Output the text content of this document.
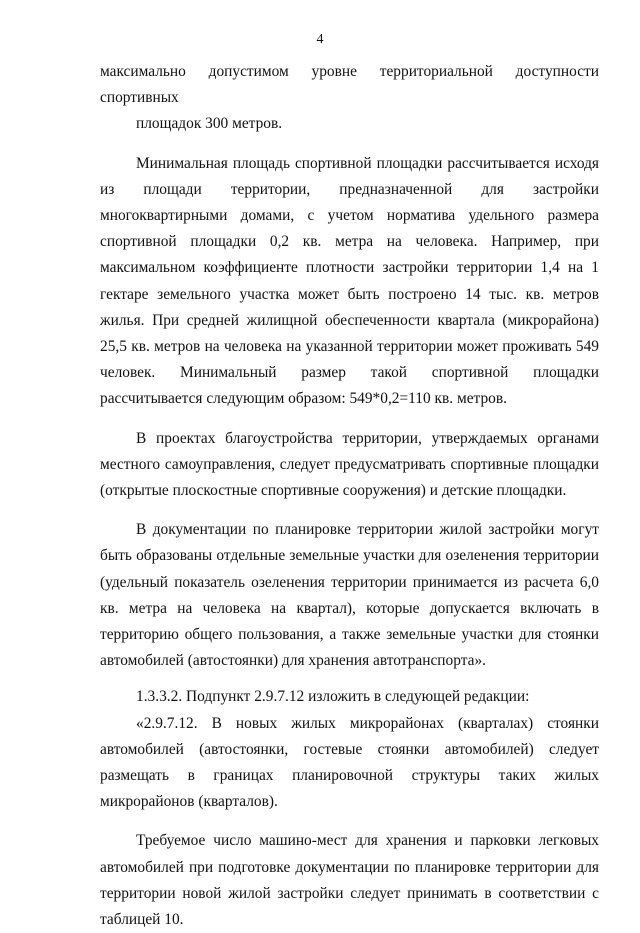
4

максимально допустимом уровне территориальной доступности спортивных

площадок 300 метров.

Минимальная площадь спортивной площадки рассчитывается исходя из площади территории, предназначенной для застройки многоквартирными домами, с учетом норматива удельного размера спортивной площадки 0,2 кв. метра на человека. Например, при максимальном коэффициенте плотности застройки территории 1,4 на 1 гектаре земельного участка может быть построено 14 тыс. кв. метров жилья. При средней жилищной обеспеченности квартала (микрорайона) 25,5 кв. метров на человека на указанной территории может проживать 549 человек. Минимальный размер такой спортивной площадки рассчитывается следующим образом: 549*0,2=110 кв. метров.

В проектах благоустройства территории, утверждаемых органами местного самоуправления, следует предусматривать спортивные площадки (открытые плоскостные спортивные сооружения) и детские площадки.

В документации по планировке территории жилой застройки могут быть образованы отдельные земельные участки для озеленения территории (удельный показатель озеленения территории принимается из расчета 6,0 кв. метра на человека на квартал), которые допускается включать в территорию общего пользования, а также земельные участки для стоянки автомобилей (автостоянки) для хранения автотранспорта».

1.3.3.2. Подпункт 2.9.7.12 изложить в следующей редакции:

«2.9.7.12. В новых жилых микрорайонах (кварталах) стоянки автомобилей (автостоянки, гостевые стоянки автомобилей) следует размещать в границах планировочной структуры таких жилых микрорайонов (кварталов).

Требуемое число машино-мест для хранения и парковки легковых автомобилей при подготовке документации по планировке территории для территории новой жилой застройки следует принимать в соответствии с таблицей 10.
